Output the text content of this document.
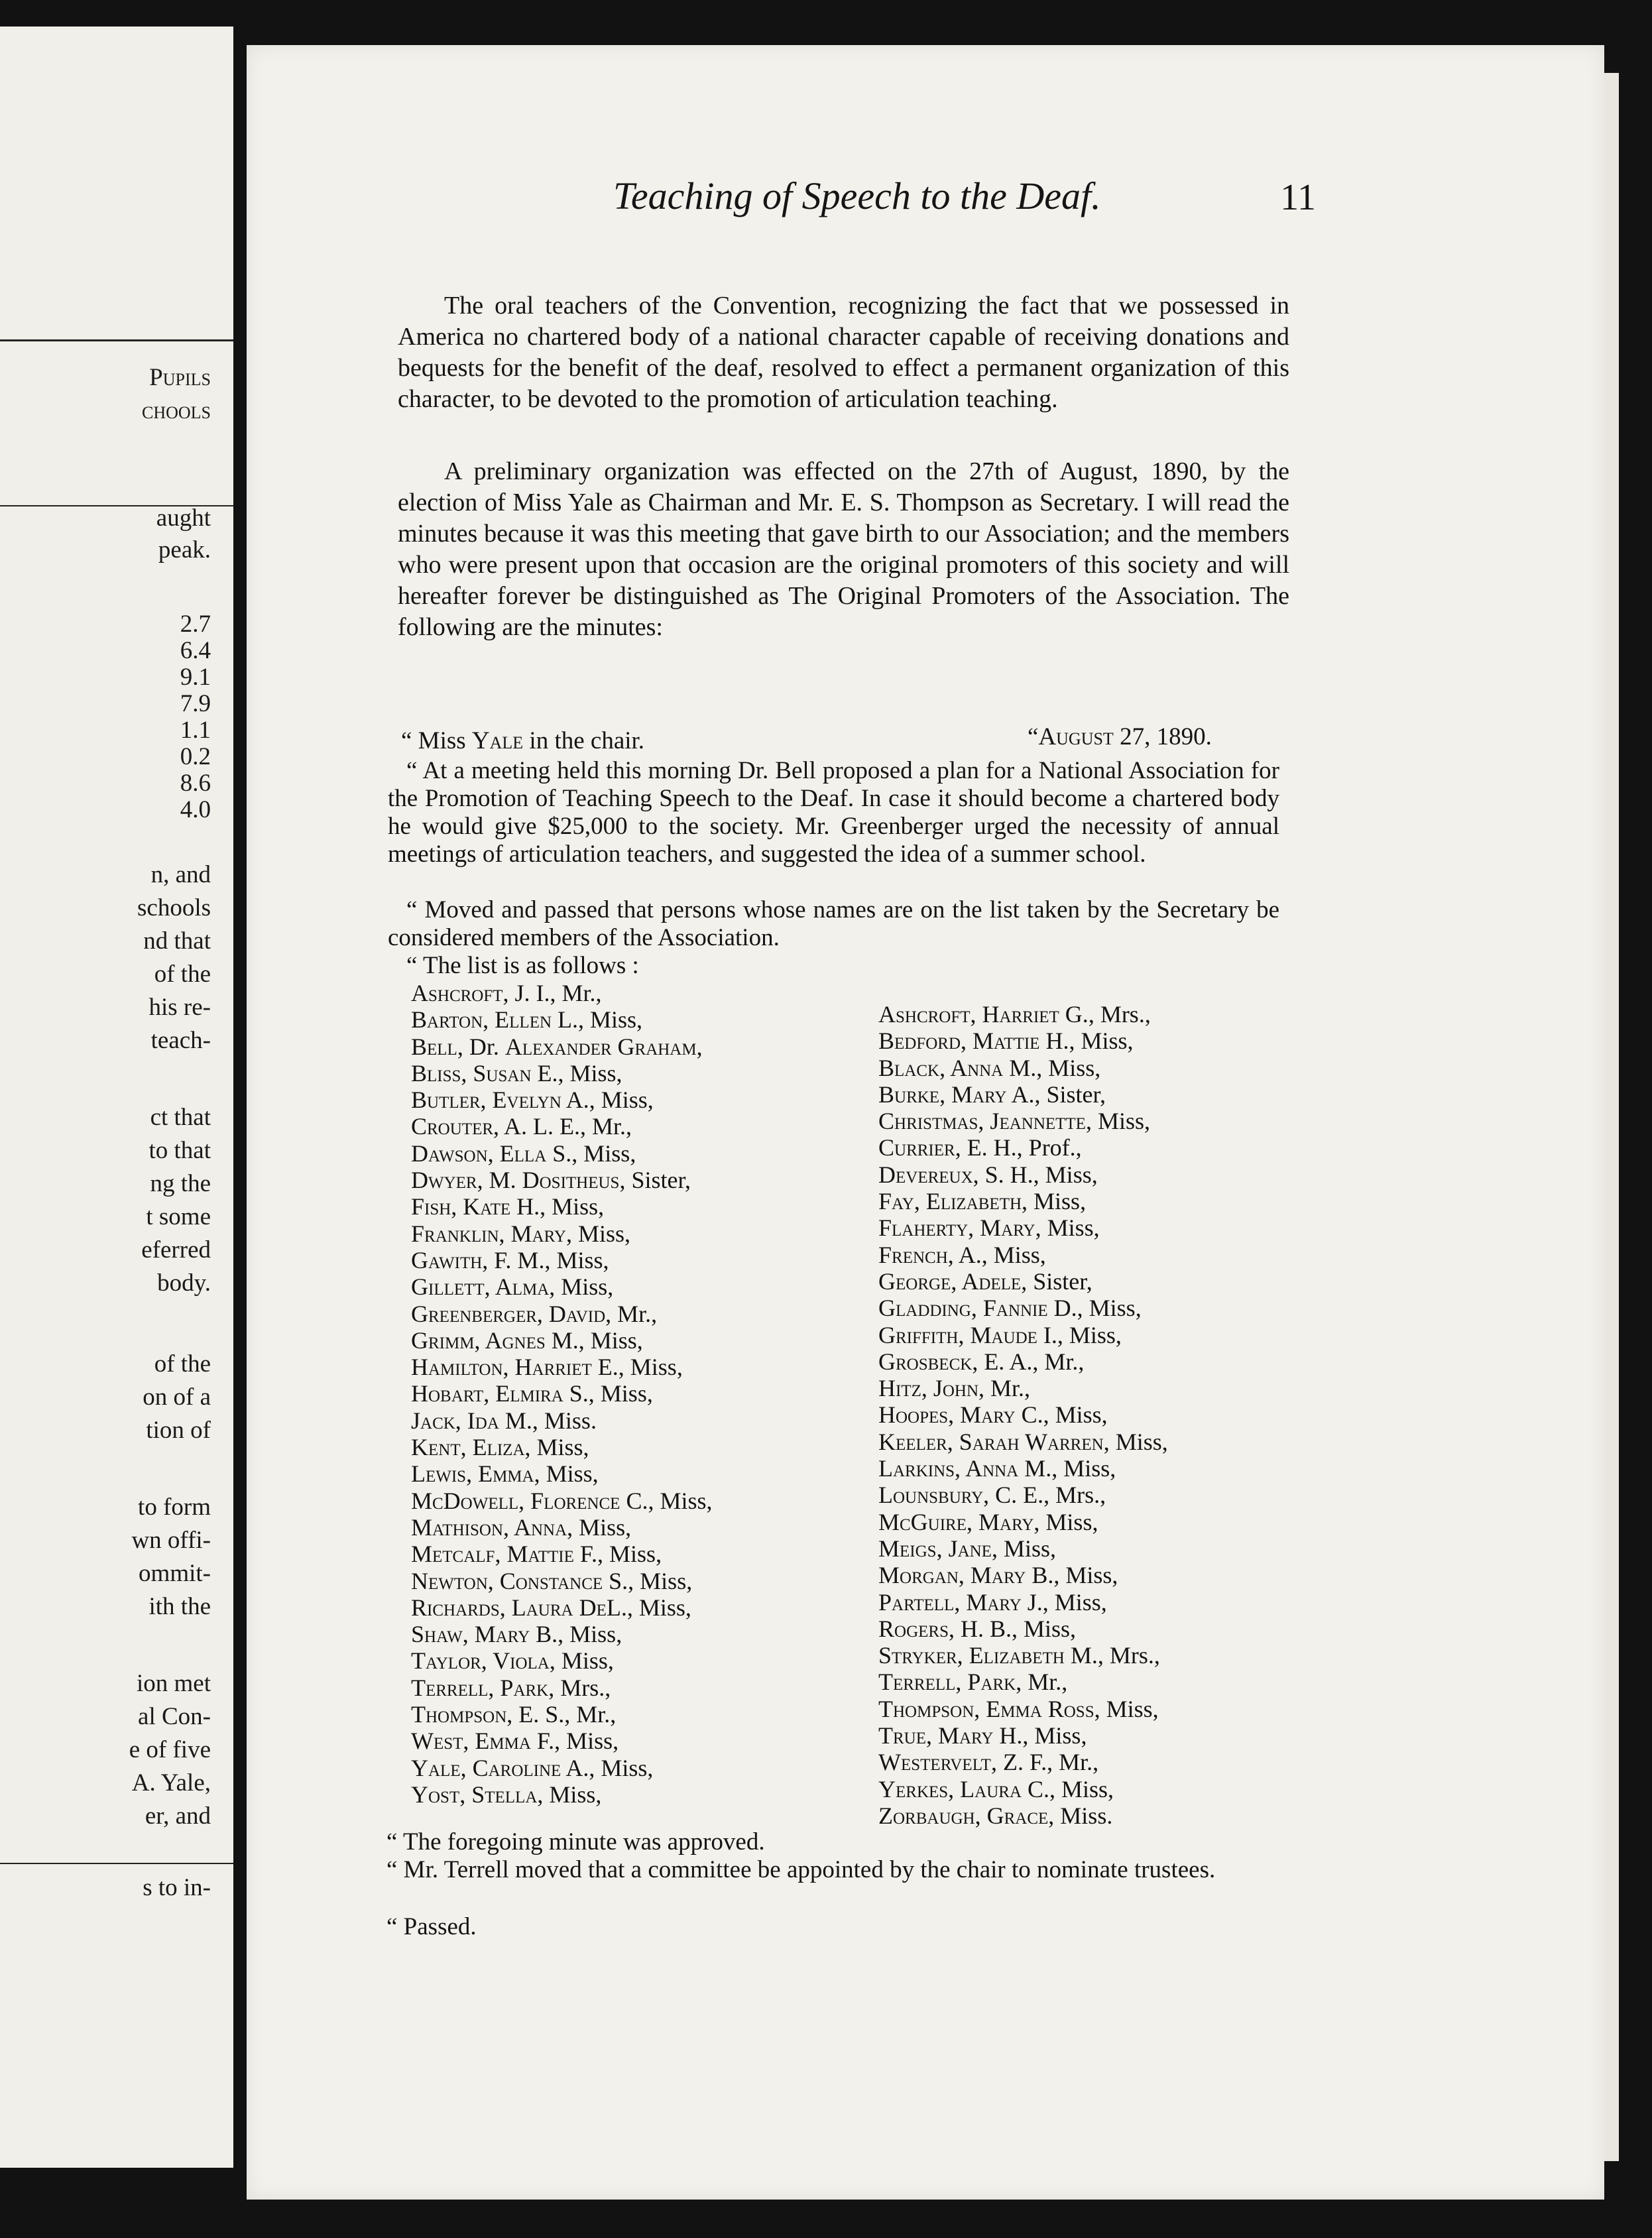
Pupils
chools
aught
peak.
2.7
6.4
9.1
7.9
1.1
0.2
8.6
4.0
n, and
schools
nd that
of the
his re-
teach-
ct that
to that
ng the
t some
eferred
body.
of the
on of a
tion of
to form
wn offi-
ommit-
ith the
ion met
al Con-
e of five
A. Yale,
er, and
s to in-
Teaching of Speech to the Deaf.	11

The oral teachers of the Convention, recognizing the fact that we possessed in America no chartered body of a national character capable of receiving donations and bequests for the benefit of the deaf, resolved to effect a permanent organization of this character, to be devoted to the promotion of articulation teaching.

A preliminary organization was effected on the 27th of August, 1890, by the election of Miss Yale as Chairman and Mr. E. S. Thompson as Secretary. I will read the minutes because it was this meeting that gave birth to our Association; and the members who were present upon that occasion are the original promoters of this society and will hereafter forever be distinguished as The Original Promoters of the Association. The following are the minutes:

“ Miss Yale in the chair.	“August 27, 1890.

“ At a meeting held this morning Dr. Bell proposed a plan for a National Association for the Promotion of Teaching Speech to the Deaf. In case it should become a chartered body he would give $25,000 to the society. Mr. Greenberger urged the necessity of annual meetings of articulation teachers, and suggested the idea of a summer school.

“ Moved and passed that persons whose names are on the list taken by the Secretary be considered members of the Association.

“ The list is as follows :

Ashcroft, J. I., Mr.,
Barton, Ellen L., Miss,
Bell, Dr. Alexander Graham,
Bliss, Susan E., Miss,
Butler, Evelyn A., Miss,
Crouter, A. L. E., Mr.,
Dawson, Ella S., Miss,
Dwyer, M. Dositheus, Sister,
Fish, Kate H., Miss,
Franklin, Mary, Miss,
Gawith, F. M., Miss,
Gillett, Alma, Miss,
Greenberger, David, Mr.,
Grimm, Agnes M., Miss,
Hamilton, Harriet E., Miss,
Hobart, Elmira S., Miss,
Jack, Ida M., Miss.
Kent, Eliza, Miss,
Lewis, Emma, Miss,
McDowell, Florence C., Miss,
Mathison, Anna, Miss,
Metcalf, Mattie F., Miss,
Newton, Constance S., Miss,
Richards, Laura DeL., Miss,
Shaw, Mary B., Miss,
Taylor, Viola, Miss,
Terrell, Park, Mrs.,
Thompson, E. S., Mr.,
West, Emma F., Miss,
Yale, Caroline A., Miss,
Yost, Stella, Miss,
Ashcroft, Harriet G., Mrs.,
Bedford, Mattie H., Miss,
Black, Anna M., Miss,
Burke, Mary A., Sister,
Christmas, Jeannette, Miss,
Currier, E. H., Prof.,
Devereux, S. H., Miss,
Fay, Elizabeth, Miss,
Flaherty, Mary, Miss,
French, A., Miss,
George, Adele, Sister,
Gladding, Fannie D., Miss,
Griffith, Maude I., Miss,
Grosbeck, E. A., Mr.,
Hitz, John, Mr.,
Hoopes, Mary C., Miss,
Keeler, Sarah Warren, Miss,
Larkins, Anna M., Miss,
Lounsbury, C. E., Mrs.,
McGuire, Mary, Miss,
Meigs, Jane, Miss,
Morgan, Mary B., Miss,
Partell, Mary J., Miss,
Rogers, H. B., Miss,
Stryker, Elizabeth M., Mrs.,
Terrell, Park, Mr.,
Thompson, Emma Ross, Miss,
True, Mary H., Miss,
Westervelt, Z. F., Mr.,
Yerkes, Laura C., Miss,
Zorbaugh, Grace, Miss.

“ The foregoing minute was approved.

“ Mr. Terrell moved that a committee be appointed by the chair to nominate trustees.

“ Passed.
